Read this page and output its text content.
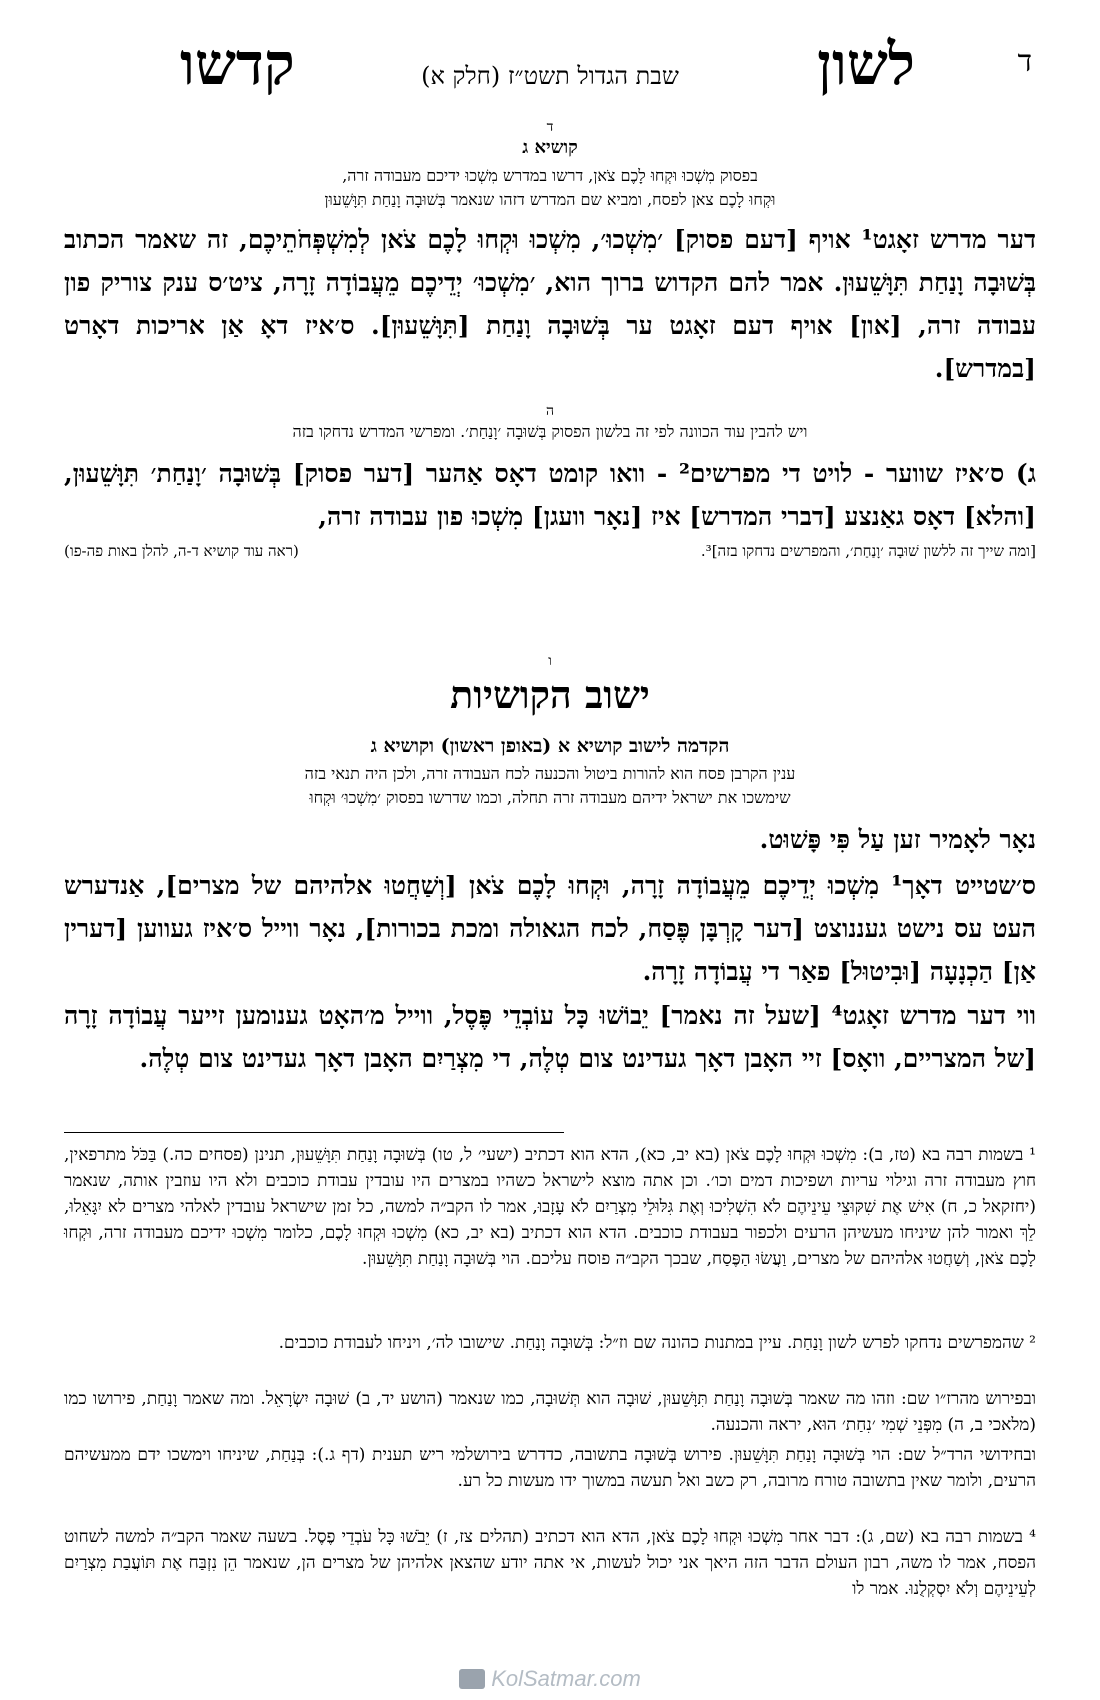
ד
לשון
שבת הגדול תשט״ז (חלק א)
קדשו
ד
קושיא ג
בפסוק מִשְׁכוּ וּקְחוּ לָכֶם צֹאן, דרשו במדרש מִשְׁכוּ ידיכם מעבודה זרה,
וּקְחוּ לָכֶם צאן לפסח, ומביא שם המדרש דזהו שנאמר בְּשׁוּבָה וָנַחַת תִּוָּשֵׁעוּן
דער מדרש זאָגט¹ אויף [דעם פסוק] ׳מִשְׁכוּ׳, מִשְׁכוּ וּקְחוּ לָכֶם צֹאן לְמִשְׁפְּחֹתֵיכֶם, זה שאמר הכתוב בְּשׁוּבָה וָנַחַת תִּוָּשֵׁעוּן. אמר להם הקדוש ברוך הוא, ׳מִשְׁכוּ׳ יְדֵיכֶם מֵעֲבוֹדָה זָרָה, ציט׳ס ענק צוריק פון עבודה זרה, [און] אויף דעם זאָגט ער בְּשׁוּבָה וָנַחַת [תִּוָּשֵׁעוּן]. ס׳איז דאָ אַן אריכות דאָרט [במדרש].
ה
ויש להבין עוד הכוונה לפי זה בלשון הפסוק בְּשׁוּבָה ׳וָנַחַת׳. ומפרשי המדרש נדחקו בזה
ג) ס׳איז שווער - לויט די מפרשים² - וואו קומט דאָס אַהער [דער פסוק] בְּשׁוּבָה ׳וָנַחַת׳ תִּוָּשֵׁעוּן, [והלא] דאָס גאַנצע [דברי המדרש] איז [נאָר וועגן] מִשְׁכוּ פון עבודה זרה,
[ומה שייך זה ללשון שׁוּבָה ׳וָנַחַת׳, והמפרשים נדחקו בזה]³.
(ראה עוד קושיא ד-ה, להלן באות פה-פו)
ו
ישוב הקושיות
הקדמה לישוב קושיא א (באופן ראשון) וקושיא ג
ענין הקרבן פסח הוא להורות ביטול והכנעה לכח העבודה זרה, ולכן היה תנאי בזה
שימשכו את ישראל ידיהם מעבודה זרה תחלה, וכמו שדרשו בפסוק ׳מִשְׁכוּ׳ וּקְחוּ
נאָר לאָמיר זען עַל פִּי פָּשׁוּט.
ס׳שטייט דאָך¹ מִשְׁכוּ יְדֵיכֶם מֵעֲבוֹדָה זָרָה, וּקְחוּ לָכֶם צֹאן [וְשַׁחֲטוּ אלהיהם של מצרים], אַנדערש העט עס נישט געננוצט [דער קָרְבָּן פֶּסַח, לכח הגאולה ומכת בכורות], נאָר ווייל ס׳איז געווען [דערין אַן] הַכְנָעָה [וּבִיטוּל] פאַר די עֲבוֹדָה זָרָה.
ווי דער מדרש זאָגט⁴ [שעל זה נאמר] יֵבוֹשׁוּ כָּל עוֹבְדֵי פֶּסֶל, ווייל מ׳האָט גענומען זייער עֲבוֹדָה זָרָה [של המצריים, וואָס] זיי האָבן דאָך געדינט צום טְלֶה, די מִצְרַיִם האָבן דאָך געדינט צום טְלֶה.
¹ בשמות רבה בא (טז, ב): מִשְׁכוּ וּקְחוּ לָכֶם צֹאן (בא יב, כא), הדא הוא דכתיב (ישעי׳ ל, טו) בְּשׁוּבָה וָנַחַת תִּוָּשֵׁעוּן, תנינן (פסחים כה.) בַּכֹּל מתרפאין, חוץ מעבודה זרה וגילוי עריות ושפיכות דמים וכו׳. וכן אתה מוצא לישראל כשהיו במצרים היו עובדין עבודת כוכבים ולא היו עוזבין אותה, שנאמר (יחזקאל כ, ח) אִישׁ אֶת שִׁקּוּצֵי עֵינֵיהֶם לֹא הִשְׁלִיכוּ וְאֶת גִּלּוּלֵי מִצְרַיִם לֹא עָזָבוּ, אמר לו הקב״ה למשה, כל זמן שישראל עובדין לאלהי מצרים לא יִגָּאֵלוּ, לֵךְ ואמור להן שיניחו מעשיהן הרעים ולכפור בעבודת כוכבים. הדא הוא דכתיב (בא יב, כא) מִשְׁכוּ וּקְחוּ לָכֶם, כלומר מִשְׁכוּ ידיכם מעבודה זרה, וּקְחוּ לָכֶם צֹאן, וְשַׁחֲטוּ אלהיהם של מצרים, וַעֲשׂוּ הַפֶּסַח, שבכך הקב״ה פוסח עליכם. הוי בְּשׁוּבָה וָנַחַת תִּוָּשֵׁעוּן.
² שהמפרשים נדחקו לפרש לשון וָנַחַת. עיין במתנות כהונה שם וז״ל: בְּשׁוּבָה וָנַחַת. שישובו לה׳, ויניחו לעבודת כוכבים.
ובפירוש מהרז״ו שם: וזהו מה שאמר בְּשׁוּבָה וָנַחַת תִּוָּשֵׁעוּן, שׁוּבָה הוא תְּשׁוּבָה, כמו שנאמר (הושע יד, ב) שׁוּבָה יִשְׂרָאֵל. ומה שאמר וָנַחַת, פירושו כמו (מלאכי ב, ה) מִפְּנֵי שְׁמִי ׳נִחַת׳ הוּא, יראה והכנעה.
ובחידושי הרד״ל שם: הוי בְּשׁוּבָה וָנַחַת תִּוָּשֵׁעוּן. פירוש בְּשׁוּבָה בתשובה, כדדרש בירושלמי ריש תענית (דף ג.): בְּנַחַת, שיניחו וימשכו ידם ממעשיהם הרעים, ולומר שאין בתשובה טורח מרובה, רק כשב ואל תעשה במשוך ידו מעשות כל רע.
⁴ בשמות רבה בא (שם, ג): דבר אחר מִשְׁכוּ וּקְחוּ לָכֶם צֹאן, הדא הוא דכתיב (תהלים צז, ז) יֵבֹשׁוּ כָּל עֹבְדֵי פֶסֶל. בשעה שאמר הקב״ה למשה לשחוט הפסח, אמר לו משה, רבון העולם הדבר הזה היאך אני יכול לעשות, אי אתה יודע שהצאן אלהיהן של מצרים הן, שנאמר הֵן נִזְבַּח אֶת תּוֹעֲבַת מִצְרַיִם לְעֵינֵיהֶם וְלֹא יִסְקְלֻנוּ. אמר לו
KolSatmar.com
